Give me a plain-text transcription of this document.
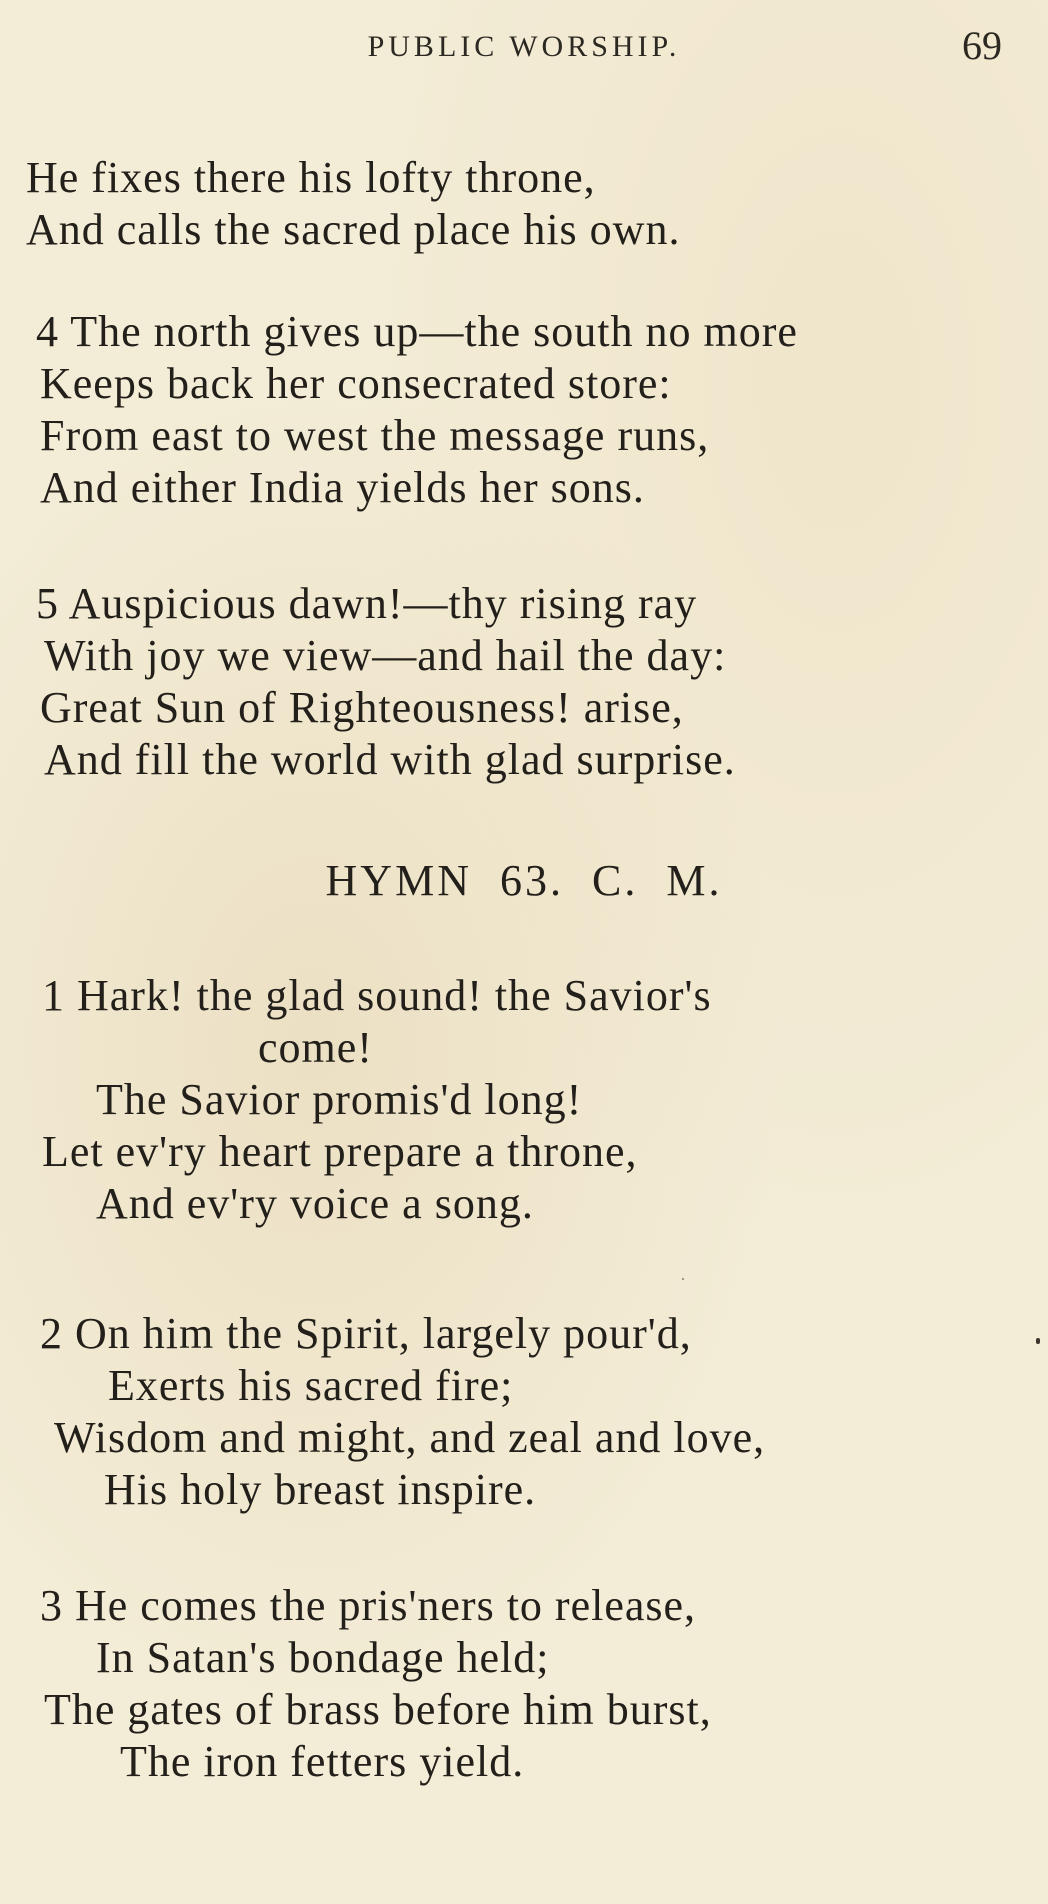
PUBLIC WORSHIP.	69
He fixes there his lofty throne,
And calls the sacred place his own.
4 The north gives up—the south no more
Keeps back her consecrated store:
From east to west the message runs,
And either India yields her sons.
5 Auspicious dawn!—thy rising ray
With joy we view—and hail the day:
Great Sun of Righteousness! arise,
And fill the world with glad surprise.
HYMN 63. C. M.
1 Hark! the glad sound! the Savior's
come!
The Savior promis'd long!
Let ev'ry heart prepare a throne,
And ev'ry voice a song.
2 On him the Spirit, largely pour'd,
Exerts his sacred fire;
Wisdom and might, and zeal and love,
His holy breast inspire.
3 He comes the pris'ners to release,
In Satan's bondage held;
The gates of brass before him burst,
The iron fetters yield.
